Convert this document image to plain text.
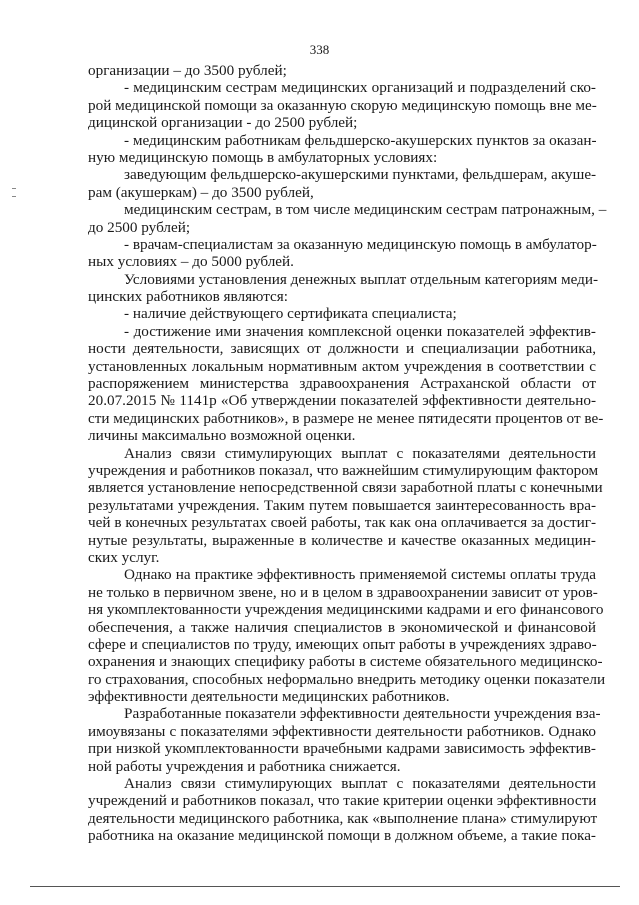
338
организации – до 3500 рублей;
- медицинским сестрам медицинских организаций и подразделений ско-
рой медицинской помощи за оказанную скорую медицинскую помощь вне ме-
дицинской организации - до 2500 рублей;
- медицинским работникам фельдшерско-акушерских пунктов за оказан-
ную медицинскую помощь в амбулаторных условиях:
заведующим фельдшерско-акушерскими пунктами, фельдшерам, акуше-
рам (акушеркам) – до 3500 рублей,
медицинским сестрам, в том числе медицинским сестрам патронажным, –
до 2500 рублей;
- врачам-специалистам за оказанную медицинскую помощь в амбулатор-
ных условиях – до 5000 рублей.
Условиями установления денежных выплат отдельным категориям меди-
цинских работников являются:
- наличие действующего сертификата специалиста;
- достижение ими значения комплексной оценки показателей эффектив-
ности деятельности, зависящих от должности и специализации работника,
установленных локальным нормативным актом учреждения в соответствии с
распоряжением министерства здравоохранения Астраханской области от
20.07.2015 № 1141р «Об утверждении показателей эффективности деятельно-
сти медицинских работников», в размере не менее пятидесяти процентов от ве-
личины максимально возможной оценки.
Анализ связи стимулирующих выплат с показателями деятельности
учреждения и работников показал, что важнейшим стимулирующим фактором
является установление непосредственной связи заработной платы с конечными
результатами учреждения. Таким путем повышается заинтересованность вра-
чей в конечных результатах своей работы, так как она оплачивается за достиг-
нутые результаты, выраженные в количестве и качестве оказанных медицин-
ских услуг.
Однако на практике эффективность применяемой системы оплаты труда
не только в первичном звене, но и в целом в здравоохранении зависит от уров-
ня укомплектованности учреждения медицинскими кадрами и его финансового
обеспечения, а также наличия специалистов в экономической и финансовой
сфере и специалистов по труду, имеющих опыт работы в учреждениях здраво-
охранения и знающих специфику работы в системе обязательного медицинско-
го страхования, способных неформально внедрить методику оценки показатели
эффективности деятельности медицинских работников.
Разработанные показатели эффективности деятельности учреждения вза-
имоувязаны с показателями эффективности деятельности работников. Однако
при низкой укомплектованности врачебными кадрами зависимость эффектив-
ной работы учреждения и работника снижается.
Анализ связи стимулирующих выплат с показателями деятельности
учреждений и работников показал, что такие критерии оценки эффективности
деятельности медицинского работника, как «выполнение плана» стимулируют
работника на оказание медицинской помощи в должном объеме, а такие пока-
